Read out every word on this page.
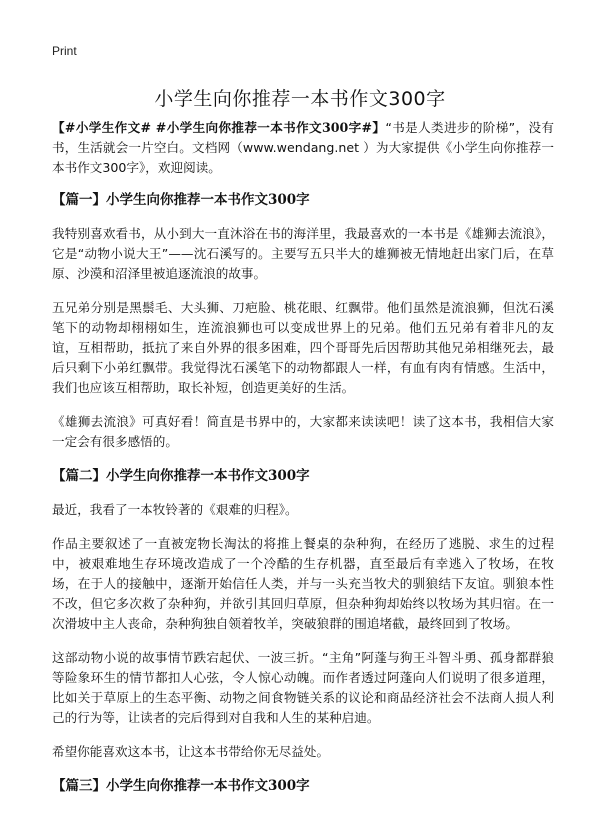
Print
小学生向你推荐一本书作文300字

【#小学生作文# #小学生向你推荐一本书作文300字#】“书是人类进步的阶梯”，没有书，生活就会一片空白。文档网（www.wendang.net ）为大家提供《小学生向你推荐一本书作文300字》，欢迎阅读。

【篇一】小学生向你推荐一本书作文300字

我特别喜欢看书，从小到大一直沐浴在书的海洋里，我最喜欢的一本书是《雄狮去流浪》，它是“动物小说大王”——沈石溪写的。主要写五只半大的雄狮被无情地赶出家门后，在草原、沙漠和沼泽里被追逐流浪的故事。

五兄弟分别是黑鬃毛、大头狮、刀疤脸、桃花眼、红飘带。他们虽然是流浪狮，但沈石溪笔下的动物却栩栩如生，连流浪狮也可以变成世界上的兄弟。他们五兄弟有着非凡的友谊，互相帮助，抵抗了来自外界的很多困难，四个哥哥先后因帮助其他兄弟相继死去，最后只剩下小弟红飘带。我觉得沈石溪笔下的动物都跟人一样，有血有肉有情感。生活中，我们也应该互相帮助，取长补短，创造更美好的生活。

《雄狮去流浪》可真好看！简直是书界中的，大家都来读读吧！读了这本书，我相信大家一定会有很多感悟的。

【篇二】小学生向你推荐一本书作文300字

最近，我看了一本牧铃著的《艰难的归程》。

作品主要叙述了一直被宠物长淘汰的将推上餐桌的杂种狗，在经历了逃脱、求生的过程中，被艰难地生存环境改造成了一个冷酷的生存机器，直至最后有幸逃入了牧场，在牧场，在于人的接触中，逐渐开始信任人类，并与一头充当牧犬的驯狼结下友谊。驯狼本性不改，但它多次救了杂种狗，并欲引其回归草原，但杂种狗却始终以牧场为其归宿。在一次滑坡中主人丧命，杂种狗独自领着牧羊，突破狼群的围追堵截，最终回到了牧场。

这部动物小说的故事情节跌宕起伏、一波三折。“主角”阿蓬与狗王斗智斗勇、孤身都群狼等险象环生的情节都扣人心弦，令人惊心动魄。而作者透过阿蓬向人们说明了很多道理，比如关于草原上的生态平衡、动物之间食物链关系的议论和商品经济社会不法商人损人利己的行为等，让读者的完后得到对自我和人生的某种启迪。

希望你能喜欢这本书，让这本书带给你无尽益处。

【篇三】小学生向你推荐一本书作文300字
